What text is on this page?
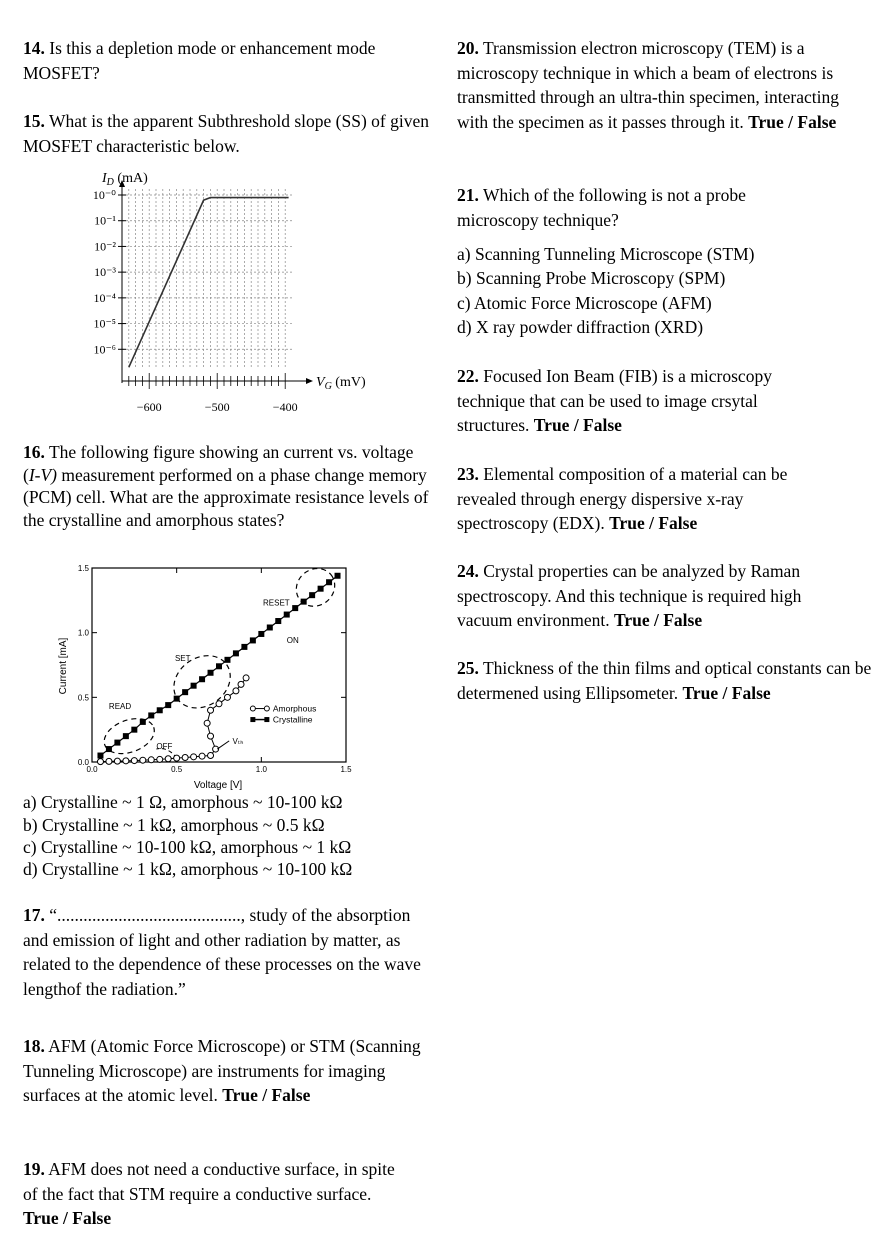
14. Is this a depletion mode or enhancement mode MOSFET?
15. What is the apparent Subthreshold slope (SS) of given MOSFET characteristic below.
10⁻⁰
10⁻¹
10⁻²
10⁻³
10⁻⁴
10⁻⁵
10⁻⁶
−600	−500	−400
$I_D$ (mA)
$V_G$ (mV)
16. The following figure showing an current vs. voltage (I-V) measurement performed on a phase change memory (PCM) cell. What are the approximate resistance levels of the crystalline and amorphous states?
0.0
0.0
0.5
0.5
1.0
1.0
1.5
1.5
RESET
ON
SET
READ
OFF
Vₜₕ
Amorphous
Crystalline
Voltage [V]
Current [mA]
a) Crystalline ~ 1 Ω, amorphous ~ 10-100 kΩ
b) Crystalline ~ 1 kΩ, amorphous ~ 0.5 kΩ
c) Crystalline ~ 10-100 kΩ, amorphous ~ 1 kΩ
d) Crystalline ~ 1 kΩ, amorphous ~ 10-100 kΩ
17. “.........................................., study of the absorption and emission of light and other radiation by matter, as related to the dependence of these processes on the wave lengthof the radiation.”
18. AFM (Atomic Force Microscope) or STM (Scanning Tunneling Microscope) are instruments for imaging surfaces at the atomic level. True / False
19. AFM does not need a conductive surface, in spite of the fact that STM require a conductive surface. True / False
20. Transmission electron microscopy (TEM) is a microscopy technique in which a beam of electrons is transmitted through an ultra-thin specimen, interacting with the specimen as it passes through it. True / False
21. Which of the following is not a probe microscopy technique?
a) Scanning Tunneling Microscope (STM)
b) Scanning Probe Microscopy (SPM)
c) Atomic Force Microscope (AFM)
d) X ray powder diffraction (XRD)
22. Focused Ion Beam (FIB) is a microscopy technique that can be used to image crsytal structures. True / False
23. Elemental composition of a material can be revealed through energy dispersive x-ray spectroscopy (EDX). True / False
24. Crystal properties can be analyzed by Raman spectroscopy. And this technique is required high vacuum environment. True / False
25. Thickness of the thin films and optical constants can be determened using Ellipsometer. True / False
